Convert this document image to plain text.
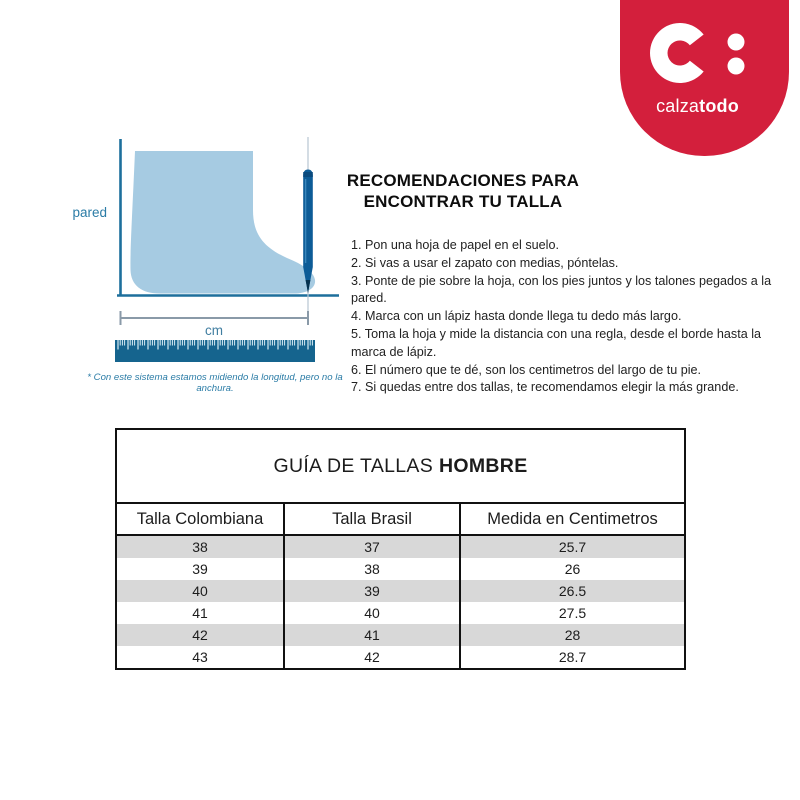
calzatodo
pared
cm
* Con este sistema estamos midiendo la longitud, pero no la anchura.
RECOMENDACIONES PARA
ENCONTRAR TU TALLA
1. Pon una hoja de papel en el suelo.
2. Si vas a usar el zapato con medias, póntelas.
3. Ponte de pie sobre la hoja, con los pies juntos y los talones pegados a la pared.
4. Marca con un lápiz hasta donde llega tu dedo más largo.
5. Toma la hoja y mide la distancia con una regla, desde el borde hasta la marca de lápiz.
6. El número que te dé, son los centimetros del largo de tu pie.
7. Si quedas entre dos tallas, te recomendamos elegir la más grande.
GUÍA DE TALLAS HOMBRE
Talla Colombiana	Talla Brasil	Medida en Centimetros
38	37	25.7
39	38	26
40	39	26.5
41	40	27.5
42	41	28
43	42	28.7
